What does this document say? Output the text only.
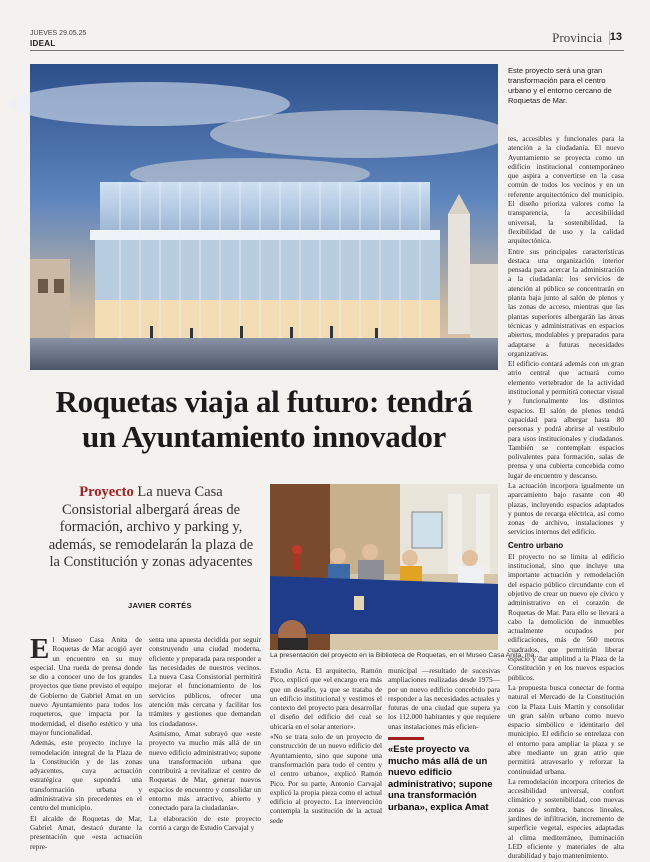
JUEVES 29.05.25
IDEAL	Provincia 13
Este proyecto será una gran transformación para el centro urbano y el entorno cercano de Roquetas de Mar.

tes, accesibles y funcionales para la atención a la ciudadanía. El nuevo Ayuntamiento se proyecta como un edificio institucional contemporáneo que aspira a convertirse en la casa común de todos los vecinos y en un referente arquitectónico del municipio. El diseño prioriza valores como la transparencia, la accesibilidad universal, la sostenibilidad, la flexibilidad de uso y la calidad arquitectónica.

Entre sus principales características destaca una organización interior pensada para acercar la administración a la ciudadanía: los servicios de atención al público se concentrarán en planta baja junto al salón de plenos y las zonas de acceso, mientras que las plantas superiores albergarán las áreas técnicas y administrativas en espacios abiertos, modulables y preparados para adaptarse a futuras necesidades organizativas.

El edificio contará además con un gran atrio central que actuará como elemento vertebrador de la actividad institucional y permitirá conectar visual y funcionalmente los distintos espacios. El salón de plenos tendrá capacidad para albergar hasta 80 personas y podrá abrirse al vestíbulo para usos institucionales y ciudadanos. También se contemplan espacios polivalentes para formación, salas de prensa y una cubierta concebida como lugar de encuentro y descanso.

La actuación incorpora igualmente un aparcamiento bajo rasante con 40 plazas, incluyendo espacios adaptados y puntos de recarga eléctrica, así como zonas de archivo, instalaciones y servicios internos del edificio.

Centro urbano

El proyecto no se limita al edificio institucional, sino que incluye una importante actuación y remodelación del espacio público circundante con el objetivo de crear un nuevo eje cívico y administrativo en el corazón de Roquetas de Mar. Para ello se llevará a cabo la demolición de inmuebles actualmente ocupados por edificaciones, más de 560 metros cuadrados, que permitirán liberar espacio y dar amplitud a la Plaza de la Constitución y en los nuevos espacios públicos.

La propuesta busca conectar de forma natural el Mercado de la Constitución con la Plaza Luis Martín y consolidar un gran salón urbano como nuevo espacio simbólico e identitario del municipio. El edificio se entrelaza con el entorno para ampliar la plaza y se abre mediante un gran atrio que permitirá atravesarlo y reforzar la continuidad urbana.

La remodelación incorpora criterios de accesibilidad universal, confort climático y sostenibilidad, con nuevas zonas de sombra, bancos lineales, jardines de infiltración, incremento de superficie vegetal, especies adaptadas al clima mediterráneo, iluminación LED eficiente y materiales de alta durabilidad y bajo mantenimiento.

Roquetas viaja al futuro: tendrá
un Ayuntamiento innovador
Proyecto La nueva Casa Consistorial albergará áreas de formación, archivo y parking y, además, se remodelarán la plaza de la Constitución y zonas adyacentes
JAVIER CORTÉS
La presentación del proyecto en la Biblioteca de Roquetas, en el Museo Casa Anita, ma...

El Museo Casa Anita de Roquetas de Mar acogió ayer un encuentro en su muy especial. Una rueda de prensa donde se dio a conocer uno de los grandes proyectos que tiene previsto el equipo de Gobierno de Gabriel Amat en un nuevo Ayuntamiento para todos los roqueteros, que impacta por la modernidad, el diseño estético y una mayor funcionalidad.

Además, este proyecto incluye la remodelación integral de la Plaza de la Constitución y de las zonas adyacentes, cuya actuación estratégica que supondrá una transformación urbana y administrativa sin precedentes en el centro del municipio.

El alcalde de Roquetas de Mar, Gabriel Amat, destacó durante la presentación que «esta actuación repre-

senta una apuesta decidida por seguir construyendo una ciudad moderna, eficiente y preparada para responder a las necesidades de nuestros vecinos. La nueva Casa Consistorial permitirá mejorar el funcionamiento de los servicios públicos, ofrecer una atención más cercana y facilitar los trámites y gestiones que demandan los ciudadanos».

Asimismo, Amat subrayó que «este proyecto va mucho más allá de un nuevo edificio administrativo; supone una transformación urbana que contribuirá a revitalizar el centro de Roquetas de Mar, generar nuevos espacios de encuentro y consolidar un entorno más atractivo, abierto y conectado para la ciudadanía».

La elaboración de este proyecto corrió a cargo de Estudio Carvajal y

Estudio Acta. El arquitecto, Ramón Pico, explicó que «el encargo era más que un desafío, ya que se trataba de un edificio institucional y vestimos el contexto del proyecto para desarrollar el diseño del edificio del cual se ubicaría en el solar anterior».

«No se trata solo de un proyecto de construcción de un nuevo edificio del Ayuntamiento, sino que supone una transformación para todo el centro y el centro urbano», explicó Ramón Pico. Por su parte, Antonio Carvajal explicó la propia pieza como el actual edificio al proyecto. La intervención contempla la sustitución de la actual sede

municipal —resultado de sucesivas ampliaciones realizadas desde 1975— por un nuevo edificio concebido para responder a las necesidades actuales y futuras de una ciudad que supera ya los 112.000 habitantes y que requiere unas instalaciones más eficien-

«Este proyecto va mucho más allá de un nuevo edificio administrativo; supone una transformación urbana», explica Amat
